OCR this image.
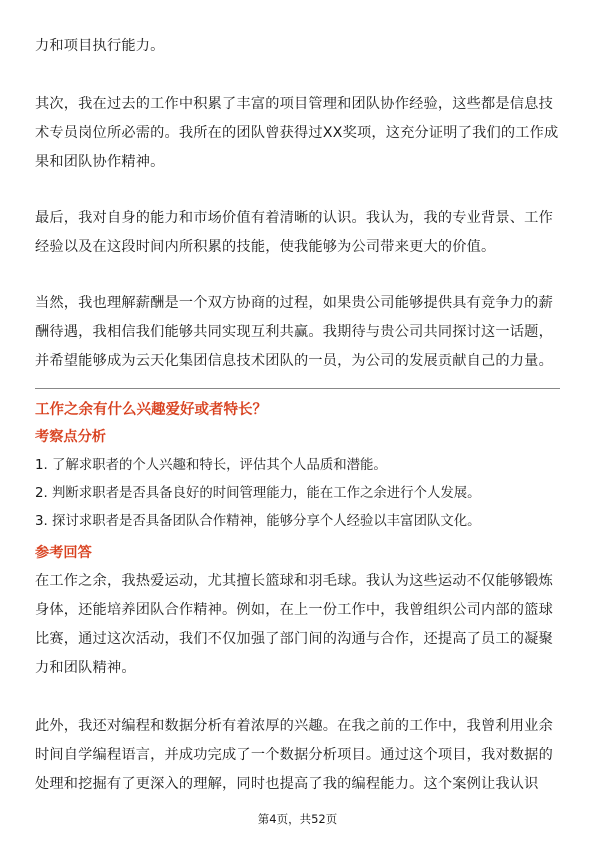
力和项目执行能力。
其次，我在过去的工作中积累了丰富的项目管理和团队协作经验，这些都是信息技
术专员岗位所必需的。我所在的团队曾获得过XX奖项，这充分证明了我们的工作成
果和团队协作精神。
最后，我对自身的能力和市场价值有着清晰的认识。我认为，我的专业背景、工作
经验以及在这段时间内所积累的技能，使我能够为公司带来更大的价值。
当然，我也理解薪酬是一个双方协商的过程，如果贵公司能够提供具有竞争力的薪
酬待遇，我相信我们能够共同实现互利共赢。我期待与贵公司共同探讨这一话题，
并希望能够成为云天化集团信息技术团队的一员，为公司的发展贡献自己的力量。
工作之余有什么兴趣爱好或者特长？
考察点分析
1. 了解求职者的个人兴趣和特长，评估其个人品质和潜能。
2. 判断求职者是否具备良好的时间管理能力，能在工作之余进行个人发展。
3. 探讨求职者是否具备团队合作精神，能够分享个人经验以丰富团队文化。
参考回答
在工作之余，我热爱运动，尤其擅长篮球和羽毛球。我认为这些运动不仅能够锻炼
身体，还能培养团队合作精神。例如，在上一份工作中，我曾组织公司内部的篮球
比赛，通过这次活动，我们不仅加强了部门间的沟通与合作，还提高了员工的凝聚
力和团队精神。
此外，我还对编程和数据分析有着浓厚的兴趣。在我之前的工作中，我曾利用业余
时间自学编程语言，并成功完成了一个数据分析项目。通过这个项目，我对数据的
处理和挖掘有了更深入的理解，同时也提高了我的编程能力。这个案例让我认识

第4页，共52页
